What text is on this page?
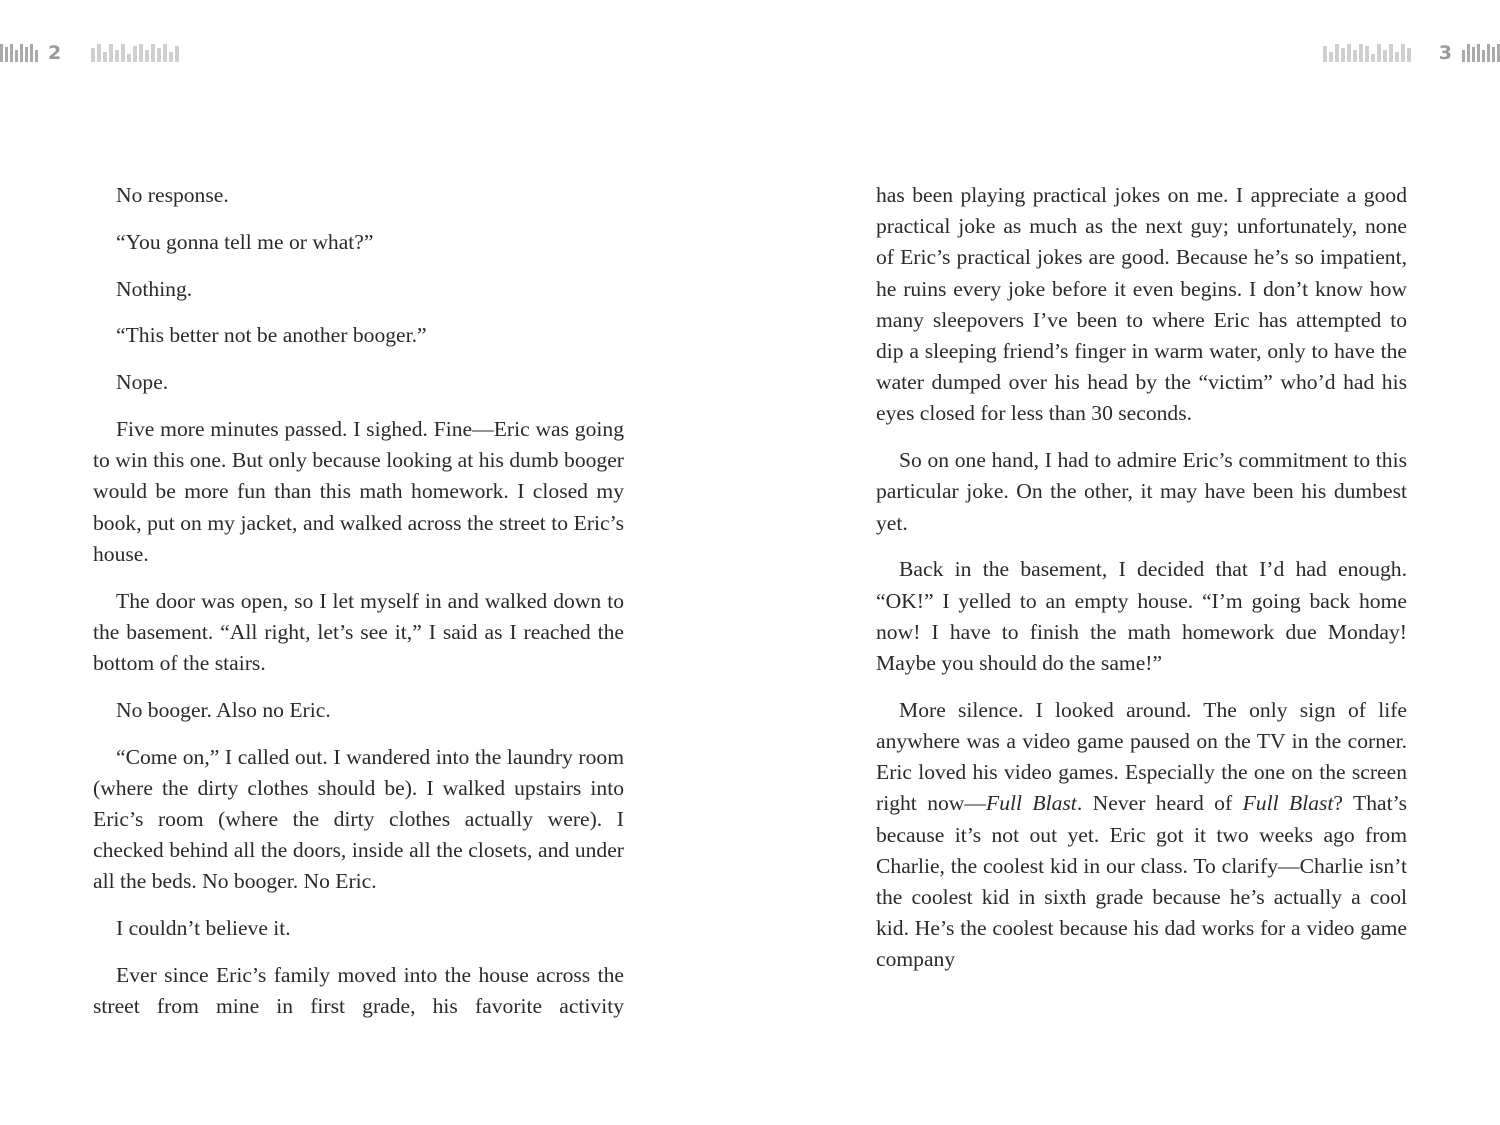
2	3

No response.

“You gonna tell me or what?”

Nothing.

“This better not be another booger.”

Nope.

Five more minutes passed. I sighed. Fine—Eric was going to win this one. But only because looking at his dumb booger would be more fun than this math homework. I closed my book, put on my jacket, and walked across the street to Eric’s house.

The door was open, so I let myself in and walked down to the basement. “All right, let’s see it,” I said as I reached the bottom of the stairs.

No booger. Also no Eric.

“Come on,” I called out. I wandered into the laundry room (where the dirty clothes should be). I walked upstairs into Eric’s room (where the dirty clothes actually were). I checked behind all the doors, inside all the closets, and under all the beds. No booger. No Eric.

I couldn’t believe it.

Ever since Eric’s family moved into the house across the street from mine in first grade, his favorite activity

has been playing practical jokes on me. I appreciate a good practical joke as much as the next guy; unfortunately, none of Eric’s practical jokes are good. Because he’s so impatient, he ruins every joke before it even begins. I don’t know how many sleepovers I’ve been to where Eric has attempted to dip a sleeping friend’s finger in warm water, only to have the water dumped over his head by the “victim” who’d had his eyes closed for less than 30 seconds.

So on one hand, I had to admire Eric’s commitment to this particular joke. On the other, it may have been his dumbest yet.

Back in the basement, I decided that I’d had enough. “OK!” I yelled to an empty house. “I’m going back home now! I have to finish the math homework due Monday! Maybe you should do the same!”

More silence. I looked around. The only sign of life anywhere was a video game paused on the TV in the corner. Eric loved his video games. Especially the one on the screen right now—Full Blast. Never heard of Full Blast? That’s because it’s not out yet. Eric got it two weeks ago from Charlie, the coolest kid in our class. To clarify—Charlie isn’t the coolest kid in sixth grade because he’s actually a cool kid. He’s the coolest because his dad works for a video game company
